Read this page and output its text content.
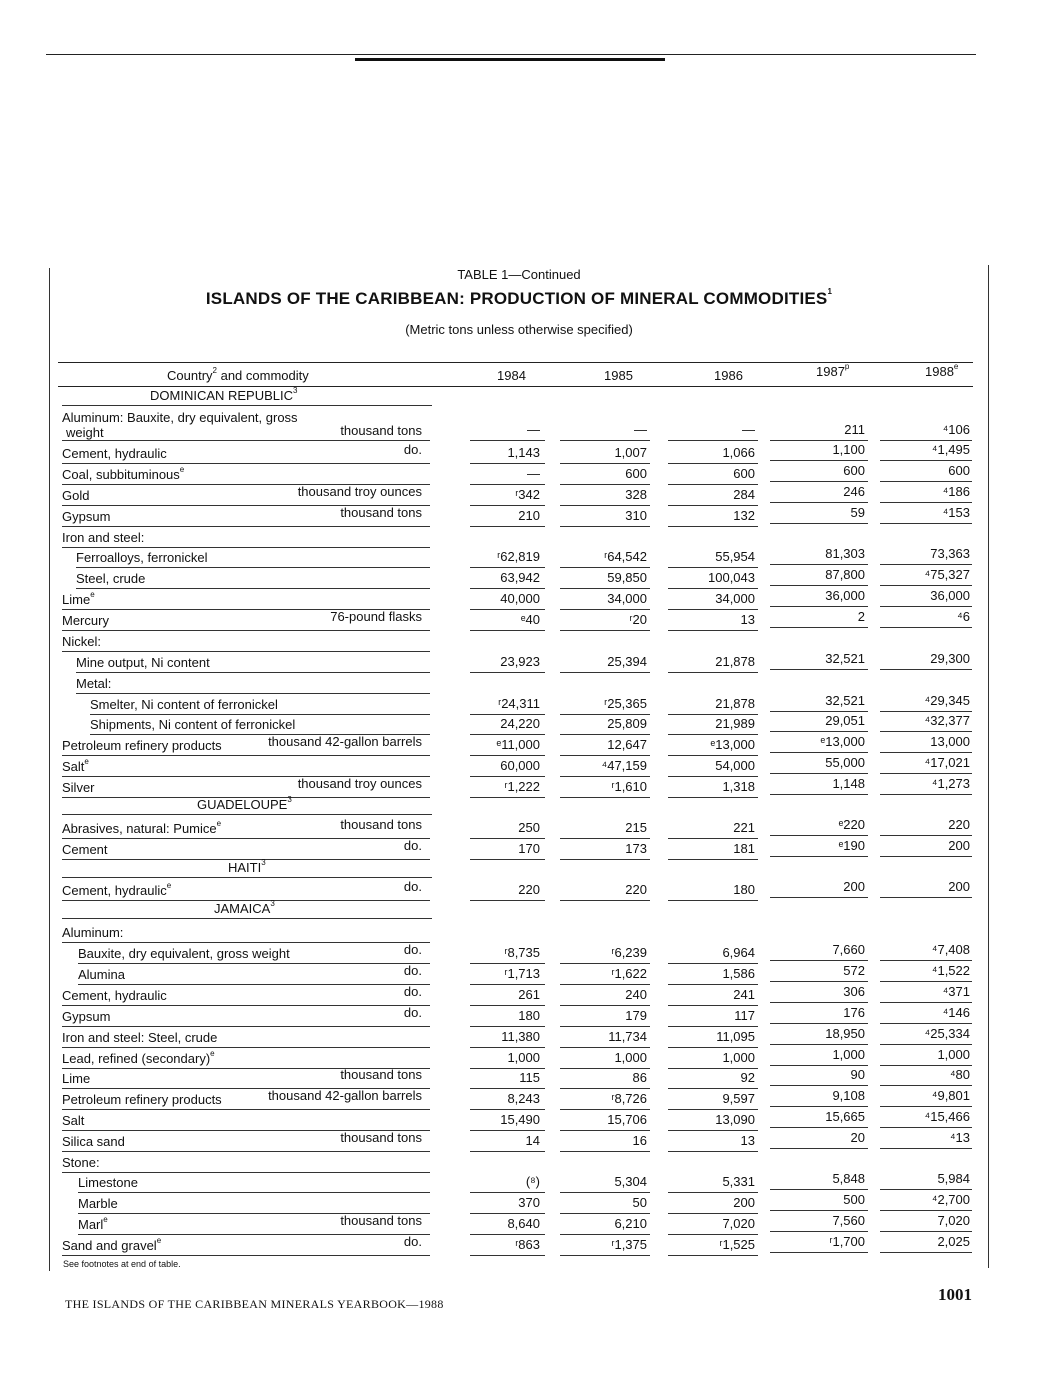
TABLE 1—Continued
ISLANDS OF THE CARIBBEAN: PRODUCTION OF MINERAL COMMODITIES$^1$
(Metric tons unless otherwise specified)
Country$^2$ and commodity	1984	1985	1986	1987$^p$	1988e
DOMINICAN REPUBLIC$^3$
Aluminum: Bauxite, dry equivalent, gross
weight	thousand tons	—	—	—	211	⁴106
Cement, hydraulic	do.	1,143	1,007	1,066	1,100	⁴1,495
Coal, subbituminous$^e$	—	600	600	600	600
Gold	thousand troy ounces	ʳ342	328	284	246	⁴186
Gypsum	thousand tons	210	310	132	59	⁴153
Iron and steel:
Ferroalloys, ferronickel	ʳ62,819	ʳ64,542	55,954	81,303	73,363
Steel, crude	63,942	59,850	100,043	87,800	⁴75,327
Lime$^e$	40,000	34,000	34,000	36,000	36,000
Mercury	76-pound flasks	ᵉ40	ʳ20	13	2	⁴6
Nickel:
Mine output, Ni content	23,923	25,394	21,878	32,521	29,300
Metal:
Smelter, Ni content of ferronickel	ʳ24,311	ʳ25,365	21,878	32,521	⁴29,345
Shipments, Ni content of ferronickel	24,220	25,809	21,989	29,051	⁴32,377
Petroleum refinery products	thousand 42-gallon barrels	ᵉ11,000	12,647	ᵉ13,000	ᵉ13,000	13,000
Salt$^e$	60,000	⁴47,159	54,000	55,000	⁴17,021
Silver	thousand troy ounces	ʳ1,222	ʳ1,610	1,318	1,148	⁴1,273
GUADELOUPE$^3$
Abrasives, natural: Pumice$^e$	thousand tons	250	215	221	ᵉ220	220
Cement	do.	170	173	181	ᵉ190	200
HAITI$^3$
Cement, hydraulic$^e$	do.	220	220	180	200	200
JAMAICA$^3$
Aluminum:
Bauxite, dry equivalent, gross weight	do.	ʳ8,735	ʳ6,239	6,964	7,660	⁴7,408
Alumina	do.	ʳ1,713	ʳ1,622	1,586	572	⁴1,522
Cement, hydraulic	do.	261	240	241	306	⁴371
Gypsum	do.	180	179	117	176	⁴146
Iron and steel: Steel, crude	11,380	11,734	11,095	18,950	⁴25,334
Lead, refined (secondary)$^e$	1,000	1,000	1,000	1,000	1,000
Lime	thousand tons	115	86	92	90	⁴80
Petroleum refinery products	thousand 42-gallon barrels	8,243	ʳ8,726	9,597	9,108	⁴9,801
Salt	15,490	15,706	13,090	15,665	⁴15,466
Silica sand	thousand tons	14	16	13	20	⁴13
Stone:
Limestone	(⁸)	5,304	5,331	5,848	5,984
Marble	370	50	200	500	⁴2,700
Marl$^e$	thousand tons	8,640	6,210	7,020	7,560	7,020
Sand and gravel$^e$	do.	ʳ863	ʳ1,375	ʳ1,525	ʳ1,700	2,025
See footnotes at end of table.
THE ISLANDS OF THE CARIBBEAN MINERALS YEARBOOK—1988	1001
